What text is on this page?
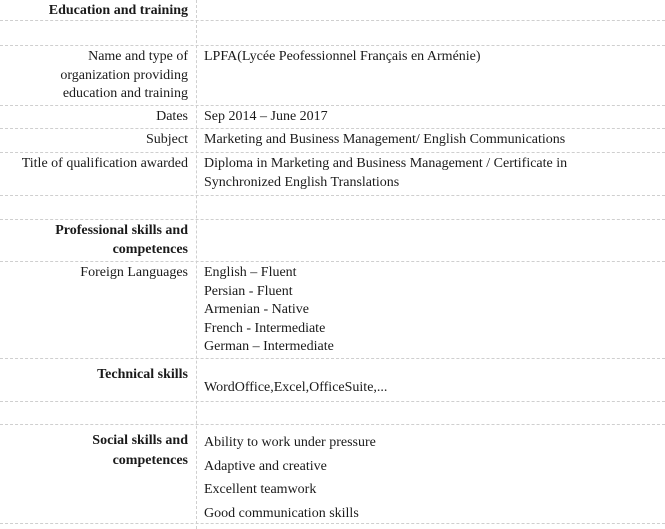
Education and training
Name and type of
organization providing
education and training
LPFA(Lycée Peofessionnel Français en Arménie)
Dates Sep 2014 – June 2017
Subject Marketing and Business Management/ English Communications
Title of qualification awarded Diploma in Marketing and Business Management / Certificate in
Synchronized English Translations
Professional skills and
competences
Foreign Languages English – Fluent
Persian - Fluent
Armenian - Native
French - Intermediate
German – Intermediate
Technical skills
WordOffice,Excel,OfficeSuite,...
Social skills and
competences
Ability to work under pressure
Adaptive and creative
Excellent teamwork
Good communication skills
